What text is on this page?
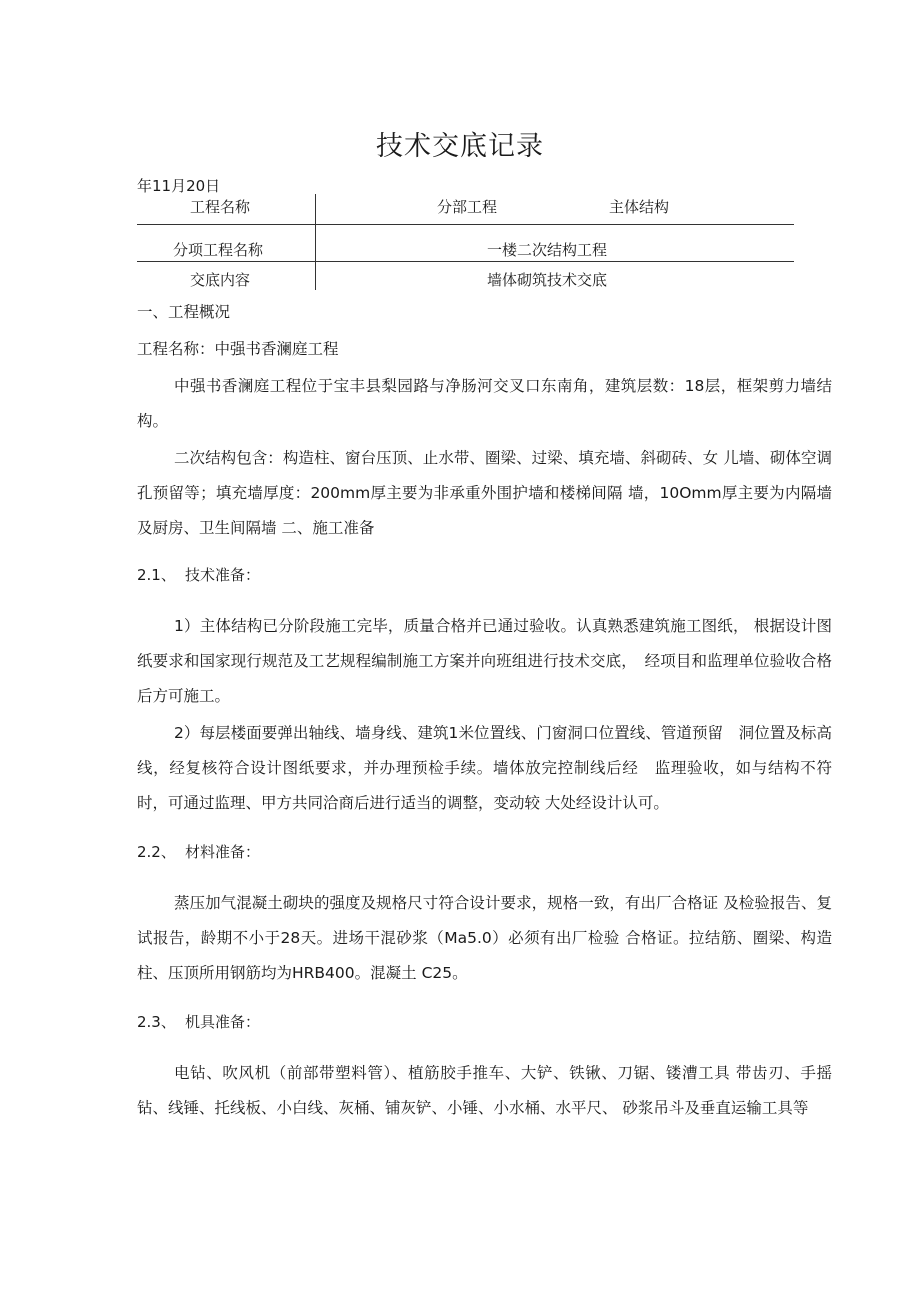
技术交底记录
年11月20日
工程名称	分部工程	主体结构
分项工程名称	一楼二次结构工程
交底内容	墙体砌筑技术交底

一、工程概况

工程名称：中强书香澜庭工程

中强书香澜庭工程位于宝丰县梨园路与净肠河交叉口东南角，建筑层数：18层，框架剪力墙结构。

二次结构包含：构造柱、窗台压顶、止水带、圈梁、过梁、填充墙、斜砌砖、女 儿墙、砌体空调孔预留等；填充墙厚度：200mm厚主要为非承重外围护墙和楼梯间隔 墙，10Omm厚主要为内隔墙及厨房、卫生间隔墙 二、施工准备

2.1、 技术准备：

1）主体结构已分阶段施工完毕，质量合格并已通过验收。认真熟悉建筑施工图纸， 根据设计图纸要求和国家现行规范及工艺规程编制施工方案并向班组进行技术交底，　经项目和监理单位验收合格后方可施工。

2）每层楼面要弹出轴线、墙身线、建筑1米位置线、门窗洞口位置线、管道预留　洞位置及标高线，经复核符合设计图纸要求，并办理预检手续。墙体放完控制线后经　监理验收，如与结构不符时，可通过监理、甲方共同洽商后进行适当的调整，变动较 大处经设计认可。

2.2、 材料准备：

蒸压加气混凝土砌块的强度及规格尺寸符合设计要求，规格一致，有出厂合格证 及检验报告、复试报告，龄期不小于28天。进场干混砂浆（Ma5.0）必须有出厂检验 合格证。拉结筋、圈梁、构造柱、压顶所用钢筋均为HRB400。混凝土 C25。

2.3、 机具准备：

电钻、吹风机（前部带塑料管）、植筋胶手推车、大铲、铁锹、刀锯、镂漕工具 带齿刃、手摇钻、线锤、托线板、小白线、灰桶、铺灰铲、小锤、小水桶、水平尺、 砂浆吊斗及垂直运输工具等
